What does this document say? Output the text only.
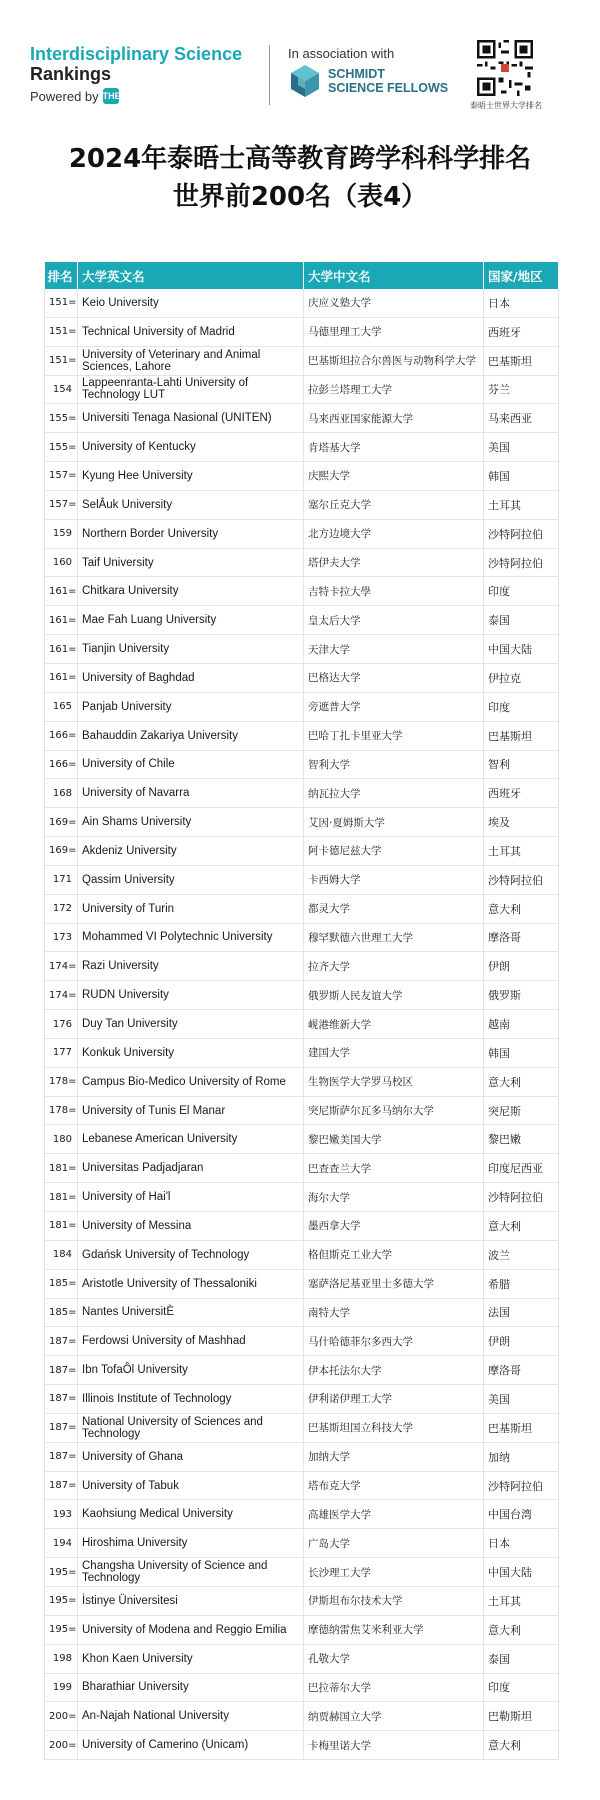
Interdisciplinary Science
Rankings
Powered by THE
In association with
SCHMIDT
SCIENCE FELLOWS
泰晤士世界大学排名
2024年泰晤士高等教育跨学科科学排名
世界前200名（表4）
排名	大学英文名	大学中文名	国家/地区
151=	Keio University	庆应义塾大学	日本
151=	Technical University of Madrid	马德里理工大学	西班牙
151=	University of Veterinary and Animal Sciences, Lahore	巴基斯坦拉合尔兽医与动物科学大学	巴基斯坦
154	Lappeenranta-Lahti University of Technology LUT	拉彭兰塔理工大学	芬兰
155=	Universiti Tenaga Nasional (UNITEN)	马来西亚国家能源大学	马来西亚
155=	University of Kentucky	肯塔基大学	美国
157=	Kyung Hee University	庆熙大学	韩国
157=	SelÂuk University	塞尔丘克大学	土耳其
159	Northern Border University	北方边境大学	沙特阿拉伯
160	Taif University	塔伊夫大学	沙特阿拉伯
161=	Chitkara University	吉特卡拉大學	印度
161=	Mae Fah Luang University	皇太后大学	泰国
161=	Tianjin University	天津大学	中国大陆
161=	University of Baghdad	巴格达大学	伊拉克
165	Panjab University	旁遮普大学	印度
166=	Bahauddin Zakariya University	巴哈丁扎卡里亚大学	巴基斯坦
166=	University of Chile	智利大学	智利
168	University of Navarra	纳瓦拉大学	西班牙
169=	Ain Shams University	艾因·夏姆斯大学	埃及
169=	Akdeniz University	阿卡德尼兹大学	土耳其
171	Qassim University	卡西姆大学	沙特阿拉伯
172	University of Turin	都灵大学	意大利
173	Mohammed VI Polytechnic University	穆罕默德六世理工大学	摩洛哥
174=	Razi University	拉齐大学	伊朗
174=	RUDN University	俄罗斯人民友谊大学	俄罗斯
176	Duy Tan University	岘港维新大学	越南
177	Konkuk University	建国大学	韩国
178=	Campus Bio-Medico University of Rome	生物医学大学罗马校区	意大利
178=	University of Tunis El Manar	突尼斯萨尔瓦多马纳尔大学	突尼斯
180	Lebanese American University	黎巴嫩美国大学	黎巴嫩
181=	Universitas Padjadjaran	巴查查兰大学	印度尼西亚
181=	University of Hai'l	海尔大学	沙特阿拉伯
181=	University of Messina	墨西拿大学	意大利
184	Gdańsk University of Technology	格但斯克工业大学	波兰
185=	Aristotle University of Thessaloniki	塞萨洛尼基亚里士多德大学	希腊
185=	Nantes UniversitÈ	南特大学	法国
187=	Ferdowsi University of Mashhad	马什哈德菲尔多西大学	伊朗
187=	Ibn TofaÔl University	伊本托法尔大学	摩洛哥
187=	Illinois Institute of Technology	伊利诺伊理工大学	美国
187=	National University of Sciences and Technology	巴基斯坦国立科技大学	巴基斯坦
187=	University of Ghana	加纳大学	加纳
187=	University of Tabuk	塔布克大学	沙特阿拉伯
193	Kaohsiung Medical University	高雄医学大学	中国台湾
194	Hiroshima University	广岛大学	日本
195=	Changsha University of Science and Technology	长沙理工大学	中国大陆
195=	İstinye Üniversitesi	伊斯坦布尔技术大学	土耳其
195=	University of Modena and Reggio Emilia	摩德纳雷焦艾米利亚大学	意大利
198	Khon Kaen University	孔敬大学	泰国
199	Bharathiar University	巴拉蒂尔大学	印度
200=	An-Najah National University	纳贾赫国立大学	巴勒斯坦
200=	University of Camerino (Unicam)	卡梅里诺大学	意大利
